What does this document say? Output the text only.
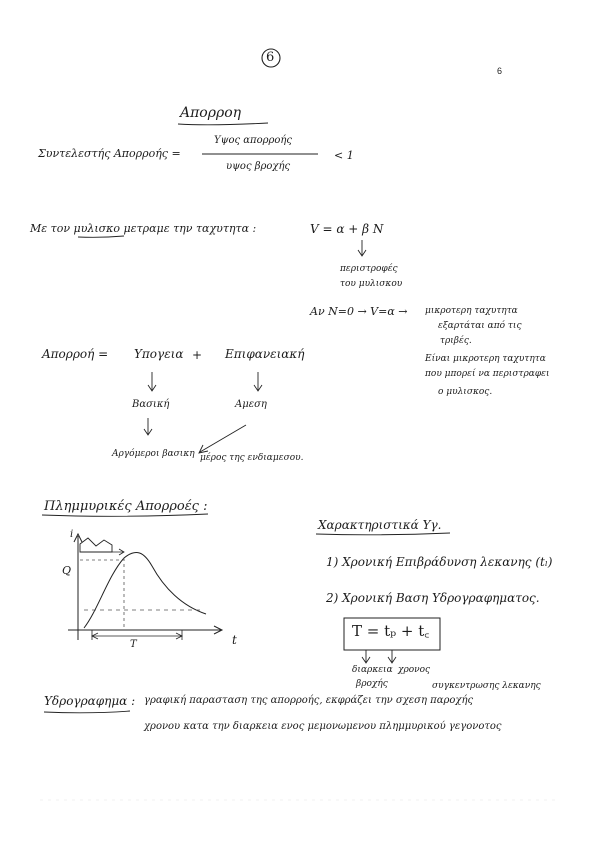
6
6
Απορροη
Συντελεστής Απορροής =
Υψος απορροής
υψος βροχής
< 1
Με τον μυλισκο μετραμε την ταχυτητα :	V = α + β N
περιστροφές
του μυλισκου
Αν N=0 → V=α → μικροτερη ταχυτητα
εξαρτάται από τις
τριβές.
Είναι μικροτερη ταχυτητα
που μπορεί να περιστραφει
ο μυλισκος.
Απορροή = Υπογεια + Επιφανειακή
Βασική	Αμεση
Αργόμεροι βασικη μέρος της ενδιαμεσου.
Πλημμυρικές Απορροές :
i
Q
t
T
Χαρακτηριστικά Υγ.
1) Χρονική Επιβράδυνση λεκανης (tₗ)
2) Χρονική Βαση Υδρογραφηματος.
T = tₚ + t꜀
διαρκεια
βροχής
χρονος
συγκεντρωσης λεκανης
Υδρογραφημα : γραφική παρασταση της απορροής, εκφράζει την σχεση παροχής
χρονου κατα την διαρκεια ενος μεμονωμενου πλημμυρικού γεγονοτος
